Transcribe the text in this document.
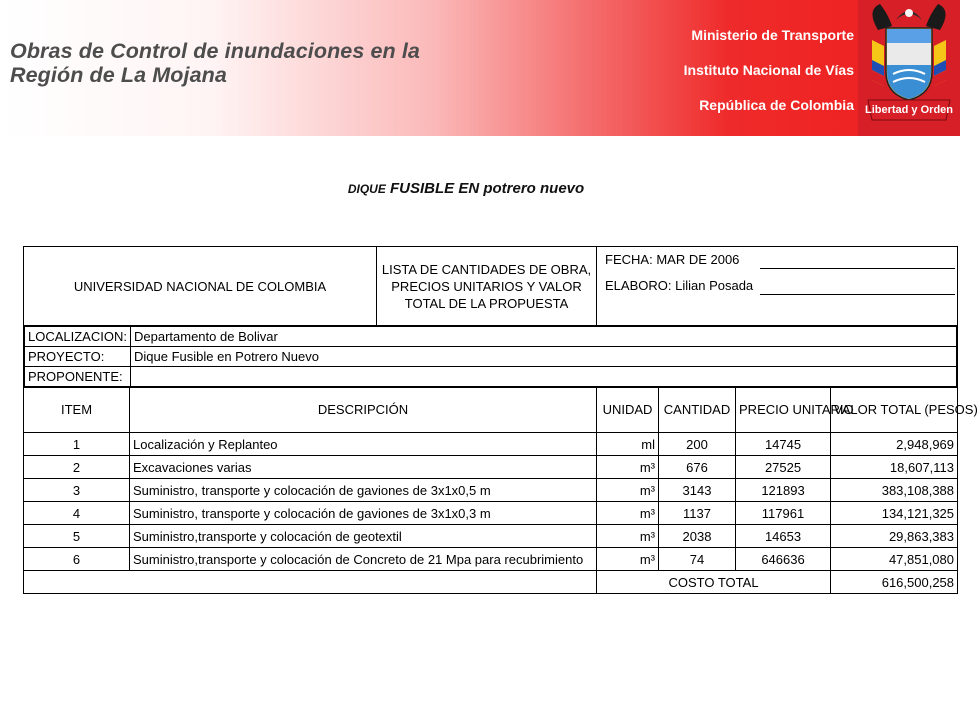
Obras de Control de inundaciones en la
Región de La Mojana
Ministerio de Transporte
Instituto Nacional de Vías
República de Colombia Libertad y Orden
DIQUE FUSIBLE EN potrero nuevo
UNIVERSIDAD NACIONAL DE COLOMBIA	LISTA DE CANTIDADES DE OBRA, PRECIOS UNITARIOS Y VALOR TOTAL DE LA PROPUESTA	
FECHA: MAR DE 2006
ELABORO: Lilian Posada

LOCALIZACION:	Departamento de Bolivar
PROYECTO:	Dique Fusible en Potrero Nuevo
PROPONENTE:	

ITEM	DESCRIPCIÓN	UNIDAD	CANTIDAD	PRECIO UNITARIO	VALOR TOTAL (PESOS)
1	Localización y Replanteo	ml	200	14745	2,948,969
2	Excavaciones varias	m³	676	27525	18,607,113
3	Suministro, transporte y colocación de gaviones de 3x1x0,5 m	m³	3143	121893	383,108,388
4	Suministro, transporte y colocación de gaviones de 3x1x0,3 m	m³	1137	117961	134,121,325
5	Suministro,transporte y colocación de geotextil	m³	2038	14653	29,863,383
6	Suministro,transporte y colocación de Concreto de 21 Mpa para recubrimiento	m³	74	646636	47,851,080
	COSTO TOTAL	616,500,258
